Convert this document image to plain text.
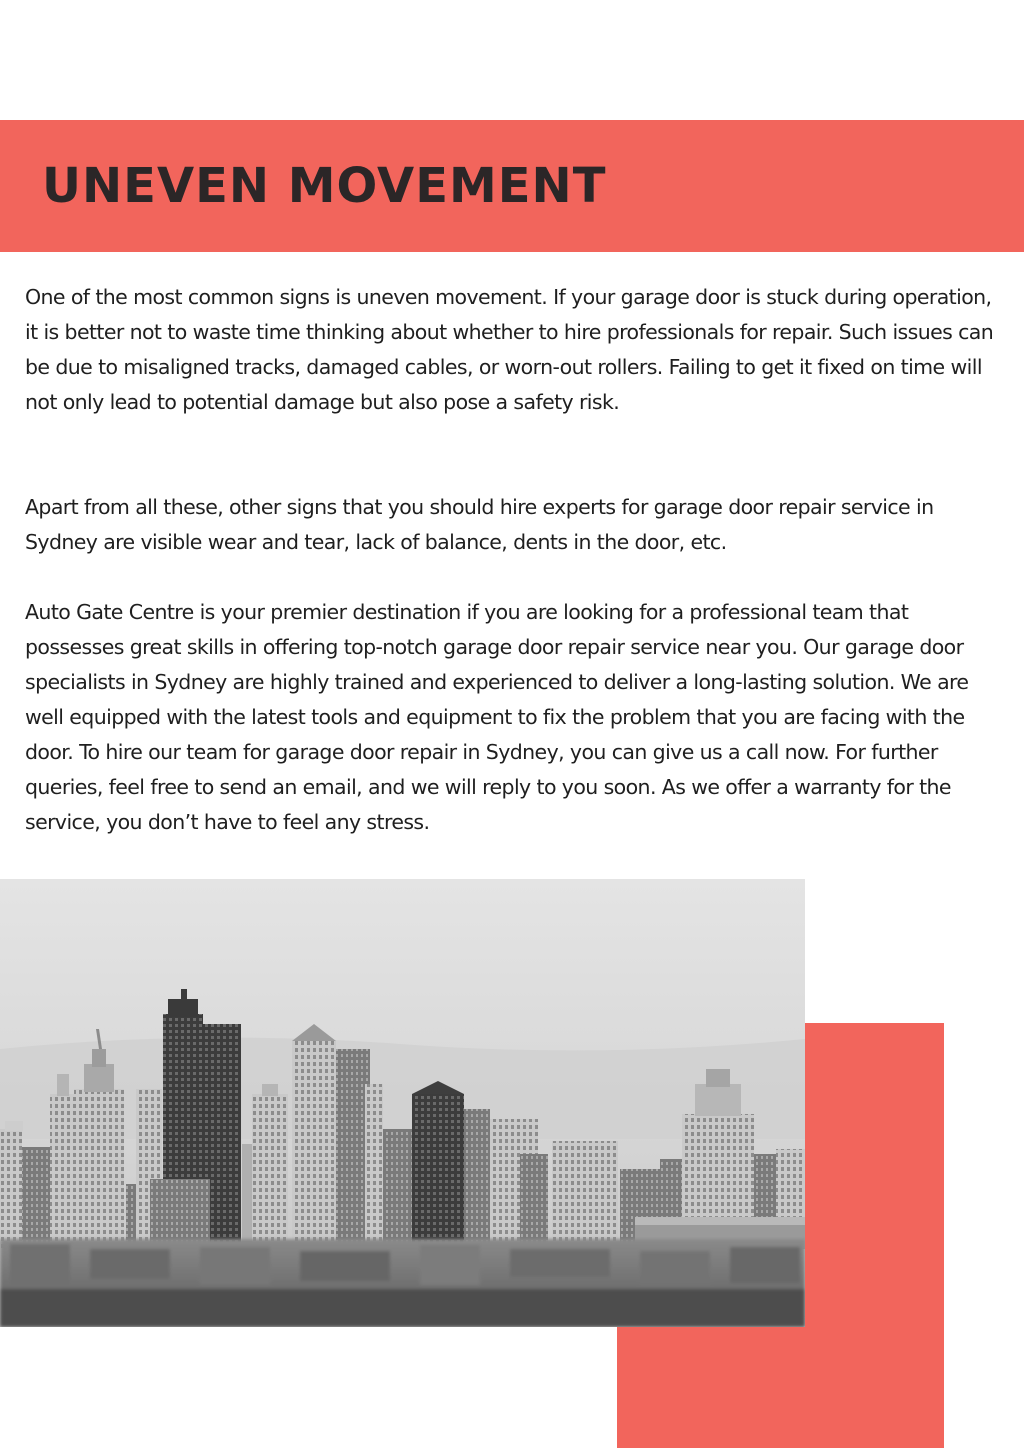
UNEVEN MOVEMENT

One of the most common signs is uneven movement. If your garage door is stuck during operation, it is better not to waste time thinking about whether to hire professionals for repair. Such issues can be due to misaligned tracks, damaged cables, or worn-out rollers. Failing to get it fixed on time will not only lead to potential damage but also pose a safety risk.

Apart from all these, other signs that you should hire experts for garage door repair service in Sydney are visible wear and tear, lack of balance, dents in the door, etc.

Auto Gate Centre is your premier destination if you are looking for a professional team that possesses great skills in offering top-notch garage door repair service near you. Our garage door specialists in Sydney are highly trained and experienced to deliver a long-lasting solution. We are well equipped with the latest tools and equipment to fix the problem that you are facing with the door. To hire our team for garage door repair in Sydney, you can give us a call now. For further queries, feel free to send an email, and we will reply to you soon. As we offer a warranty for the service, you don’t have to feel any stress.
